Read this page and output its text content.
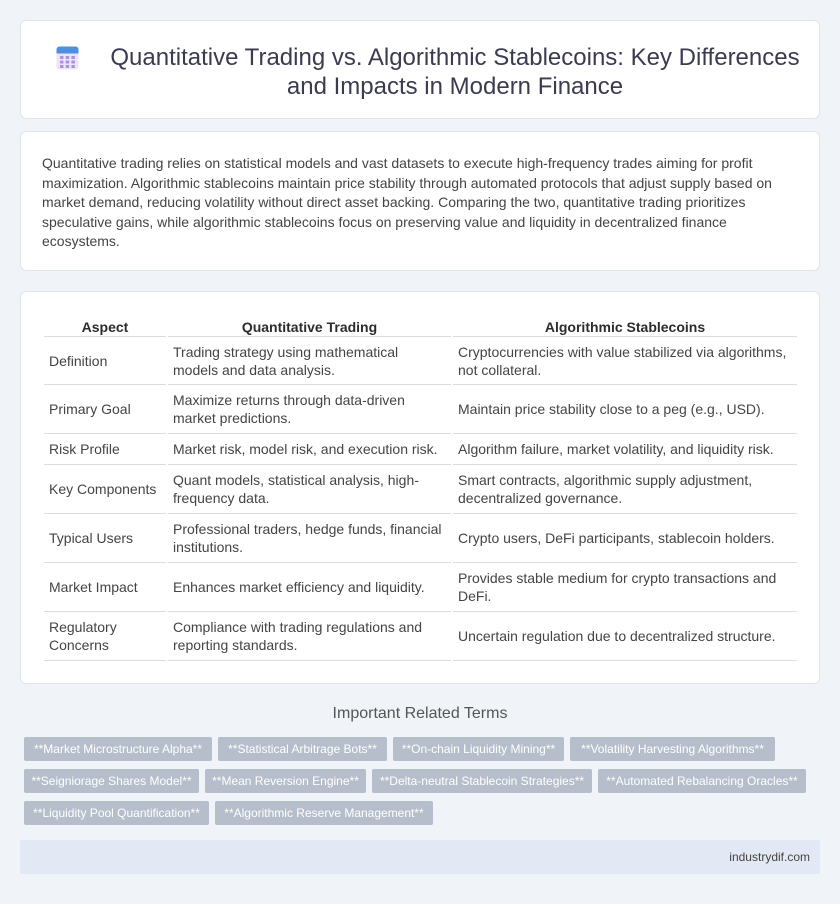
Quantitative Trading vs. Algorithmic Stablecoins: Key Differences and Impacts in Modern Finance

Quantitative trading relies on statistical models and vast datasets to execute high-frequency trades aiming for profit maximization. Algorithmic stablecoins maintain price stability through automated protocols that adjust supply based on market demand, reducing volatility without direct asset backing. Comparing the two, quantitative trading prioritizes speculative gains, while algorithmic stablecoins focus on preserving value and liquidity in decentralized finance ecosystems.

Aspect	Quantitative Trading	Algorithmic Stablecoins
Definition	Trading strategy using mathematical models and data analysis.	Cryptocurrencies with value stabilized via algorithms, not collateral.
Primary Goal	Maximize returns through data-driven market predictions.	Maintain price stability close to a peg (e.g., USD).
Risk Profile	Market risk, model risk, and execution risk.	Algorithm failure, market volatility, and liquidity risk.
Key Components	Quant models, statistical analysis, high-frequency data.	Smart contracts, algorithmic supply adjustment, decentralized governance.
Typical Users	Professional traders, hedge funds, financial institutions.	Crypto users, DeFi participants, stablecoin holders.
Market Impact	Enhances market efficiency and liquidity.	Provides stable medium for crypto transactions and DeFi.
Regulatory Concerns	Compliance with trading regulations and reporting standards.	Uncertain regulation due to decentralized structure.
Important Related Terms
**Market Microstructure Alpha**	**Statistical Arbitrage Bots**	**On-chain Liquidity Mining**	**Volatility Harvesting Algorithms**
**Seigniorage Shares Model**	**Mean Reversion Engine**	**Delta-neutral Stablecoin Strategies**	**Automated Rebalancing Oracles**
**Liquidity Pool Quantification**	**Algorithmic Reserve Management**
industrydif.com
